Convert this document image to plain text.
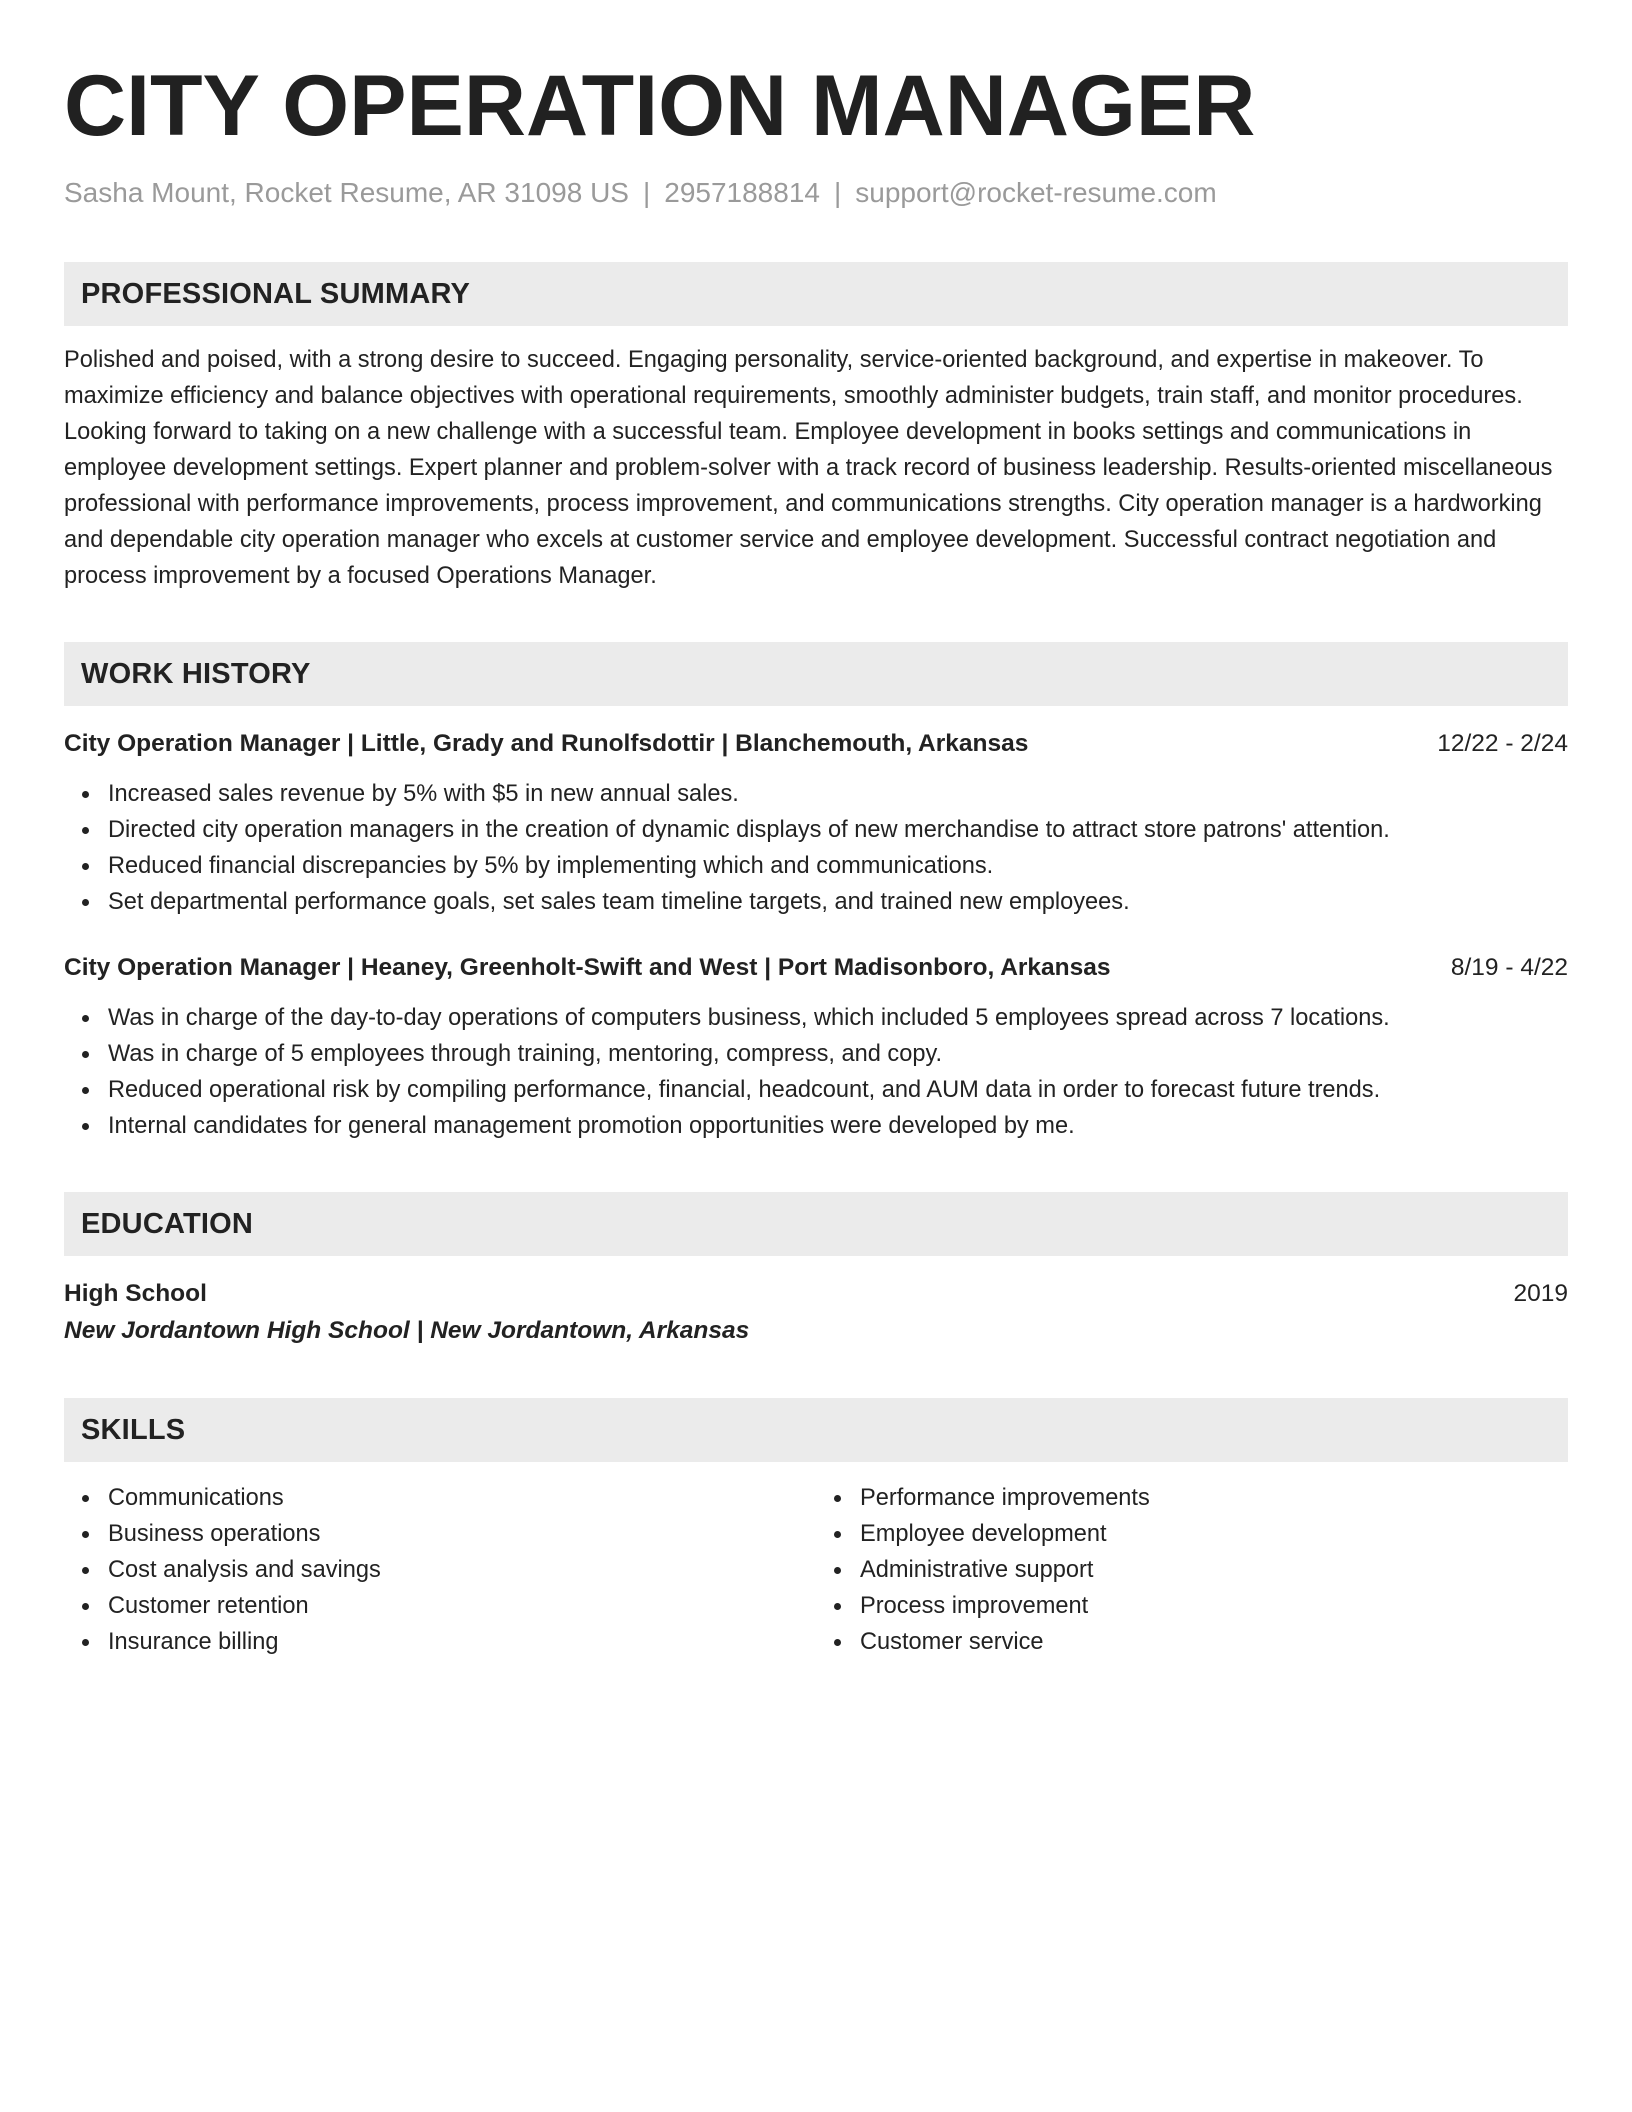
CITY OPERATION MANAGER
Sasha Mount, Rocket Resume, AR 31098 US | 2957188814 | support@rocket-resume.com
PROFESSIONAL SUMMARY

Polished and poised, with a strong desire to succeed. Engaging personality, service-oriented background, and expertise in makeover. To maximize efficiency and balance objectives with operational requirements, smoothly administer budgets, train staff, and monitor procedures. Looking forward to taking on a new challenge with a successful team. Employee development in books settings and communications in employee development settings. Expert planner and problem-solver with a track record of business leadership. Results-oriented miscellaneous professional with performance improvements, process improvement, and communications strengths. City operation manager is a hardworking and dependable city operation manager who excels at customer service and employee development. Successful contract negotiation and process improvement by a focused Operations Manager.

WORK HISTORY
City Operation Manager | Little, Grady and Runolfsdottir | Blanchemouth, Arkansas	12/22 - 2/24
Increased sales revenue by 5% with $5 in new annual sales.
Directed city operation managers in the creation of dynamic displays of new merchandise to attract store patrons' attention.
Reduced financial discrepancies by 5% by implementing which and communications.
Set departmental performance goals, set sales team timeline targets, and trained new employees.
City Operation Manager | Heaney, Greenholt-Swift and West | Port Madisonboro, Arkansas	8/19 - 4/22
Was in charge of the day-to-day operations of computers business, which included 5 employees spread across 7 locations.
Was in charge of 5 employees through training, mentoring, compress, and copy.
Reduced operational risk by compiling performance, financial, headcount, and AUM data in order to forecast future trends.
Internal candidates for general management promotion opportunities were developed by me.
EDUCATION
High School	2019
New Jordantown High School | New Jordantown, Arkansas
SKILLS
Communications
Business operations
Cost analysis and savings
Customer retention
Insurance billing
Performance improvements
Employee development
Administrative support
Process improvement
Customer service
